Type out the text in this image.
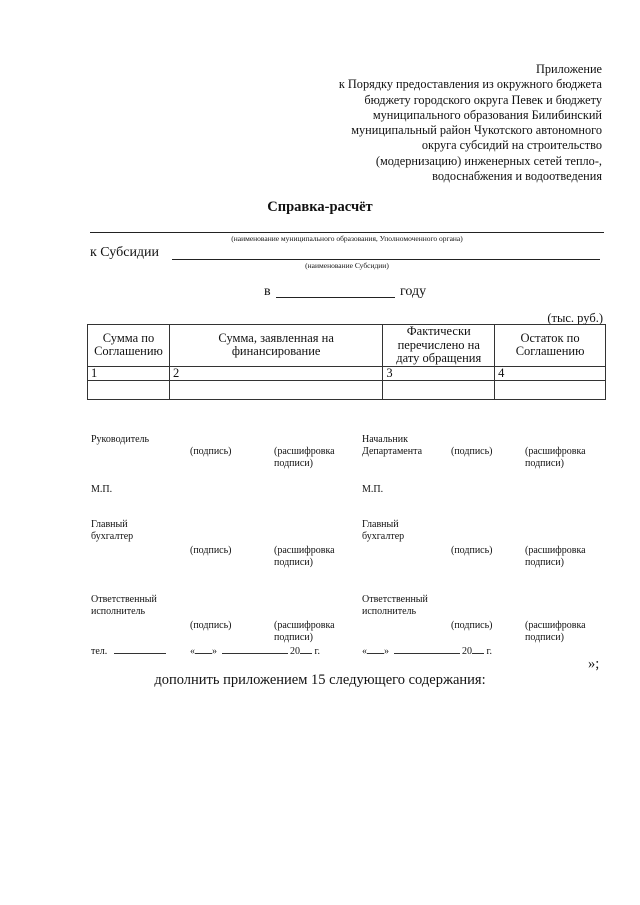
Приложение
к Порядку предоставления из окружного бюджета
бюджету городского округа Певек и бюджету
муниципального образования Билибинский
муниципальный район Чукотского автономного
округа субсидий на строительство
(модернизацию) инженерных сетей тепло-,
водоснабжения и водоотведения
Справка-расчёт
(наименование муниципального образования, Уполномоченного органа)
к Субсидии
(наименование Субсидии)
в	году
(тыс. руб.)
Сумма по Соглашению	Сумма, заявленная на финансирование	Фактически перечислено на дату обращения	Остаток по Соглашению
1	2	3	4

Руководитель
(подпись)	(расшифровка
подписи)
М.П.
Главный
бухгалтер
(подпись)	(расшифровка
подписи)
Ответственный
исполнитель
(подпись)	(расшифровка
подписи)
тел.	« »	20 г.
Начальник
Департамента	(подпись)	(расшифровка
подписи)
М.П.
Главный
бухгалтер
(подпись)	(расшифровка
подписи)
Ответственный
исполнитель
(подпись)	(расшифровка
подписи)
« »	20 г.
»;
дополнить приложением 15 следующего содержания:
